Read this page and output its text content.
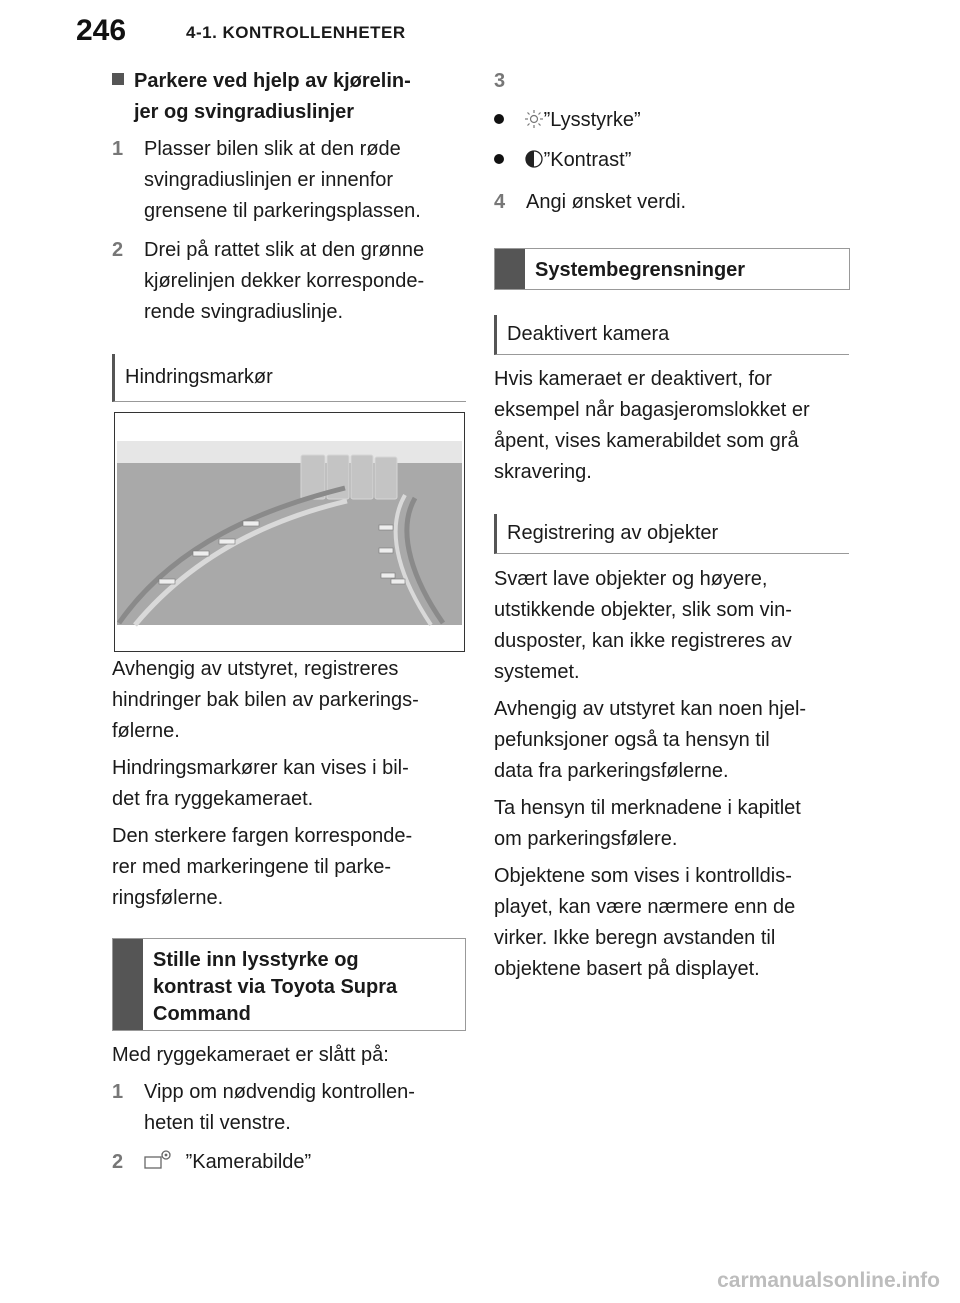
246	4-1. KONTROLLENHETER
Parkere ved hjelp av kjørelin-
jer og svingradiuslinjer
1 Plasser bilen slik at den røde
svingradiuslinjen er innenfor
grensene til parkeringsplassen.
2 Drei på rattet slik at den grønne
kjørelinjen dekker korresponde-
rende svingradiuslinje.
Hindringsmarkør
Avhengig av utstyret, registreres
hindringer bak bilen av parkerings-
følerne.
Hindringsmarkører kan vises i bil-
det fra ryggekameraet.
Den sterkere fargen korresponde-
rer med markeringene til parke-
ringsfølerne.
Stille inn lysstyrke og
kontrast via Toyota Supra
Command
Med ryggekameraet er slått på:
1 Vipp om nødvendig kontrollen-
heten til venstre.
2	”Kamerabilde”
3

”Lysstyrke”
”Kontrast”
4 Angi ønsket verdi.
Systembegrensninger
Deaktivert kamera
Hvis kameraet er deaktivert, for
eksempel når bagasjeromslokket er
åpent, vises kamerabildet som grå
skravering.
Registrering av objekter
Svært lave objekter og høyere,
utstikkende objekter, slik som vin-
dusposter, kan ikke registreres av
systemet.
Avhengig av utstyret kan noen hjel-
pefunksjoner også ta hensyn til
data fra parkeringsfølerne.
Ta hensyn til merknadene i kapitlet
om parkeringsfølere.
Objektene som vises i kontrolldis-
playet, kan være nærmere enn de
virker. Ikke beregn avstanden til
objektene basert på displayet.
carmanualsonline.info
